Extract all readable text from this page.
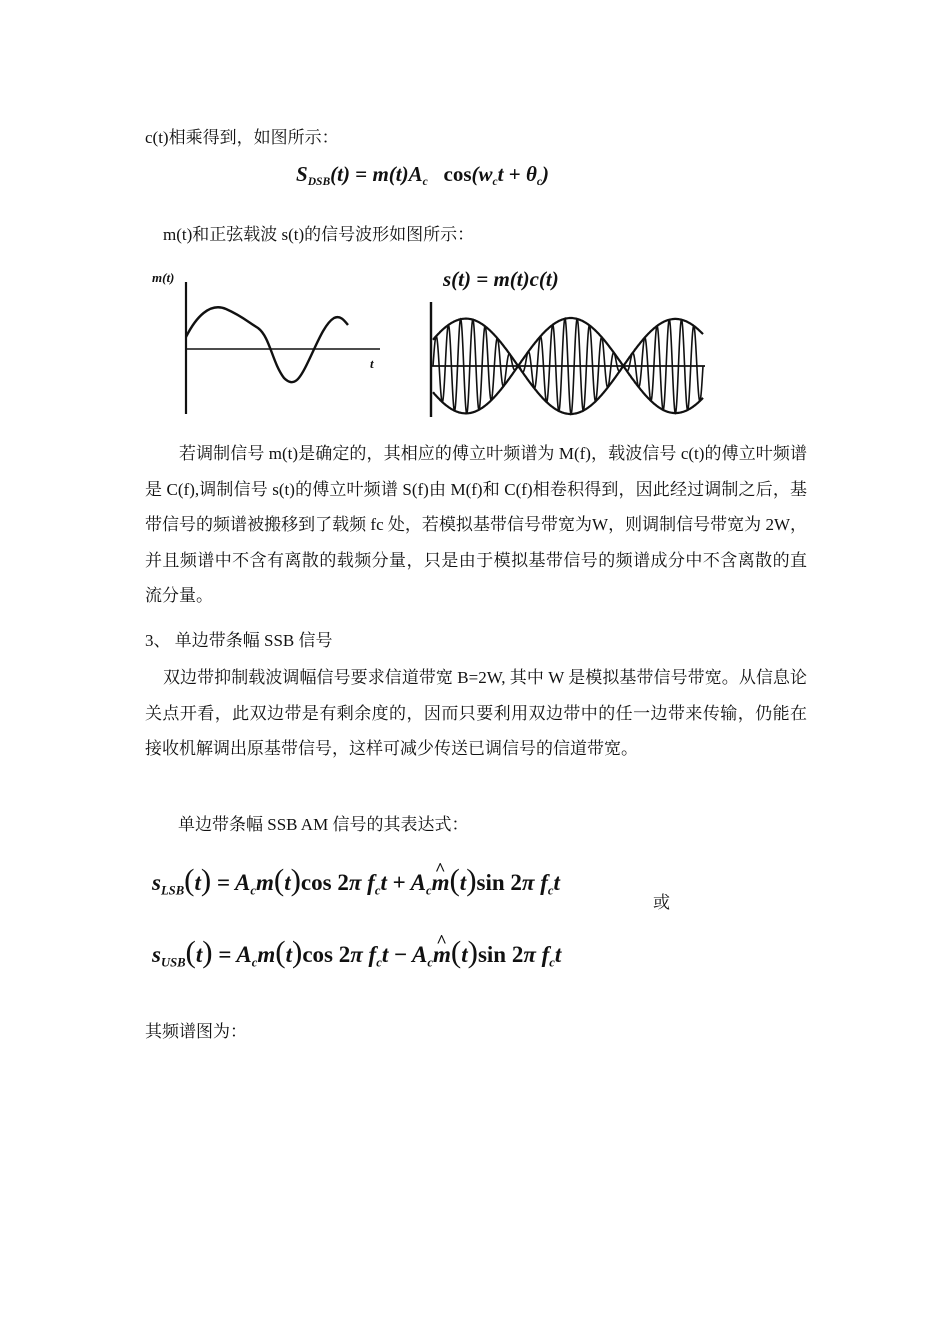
c(t)相乘得到，如图所示：
$S_{DSB}(t) = m(t)A_c$ $\cos(w_ct + \theta_c)$
m(t)和正弦载波 s(t)的信号波形如图所示：
m(t)
t
s(t) = m(t)c(t)
若调制信号 m(t)是确定的，其相应的傅立叶频谱为 M(f)，载波信号 c(t)的傅立叶频谱是 C(f),调制信号 s(t)的傅立叶频谱 S(f)由 M(f)和 C(f)相卷积得到，因此经过调制之后，基带信号的频谱被搬移到了载频 fc 处，若模拟基带信号带宽为W，则调制信号带宽为 2W，并且频谱中不含有离散的载频分量，只是由于模拟基带信号的频谱成分中不含离散的直流分量。
3、 单边带条幅 SSB 信号
双边带抑制载波调幅信号要求信道带宽 B=2W, 其中 W 是模拟基带信号带宽。从信息论关点开看，此双边带是有剩余度的，因而只要利用双边带中的任一边带来传输，仍能在接收机解调出原基带信号，这样可减少传送已调信号的信道带宽。
单边带条幅 SSB AM 信号的其表达式：
$s_{LSB}(t) = A_cm(t)\cos$ 2π $f_ct$ + $A_c\^{}$ m(t)sin 2π $f_ct$
或
$s_{USB}(t) = A_cm(t)\cos$ 2π $f_ct$ − $A_c\^{}$ m(t)sin 2π $f_ct$
其频谱图为：
